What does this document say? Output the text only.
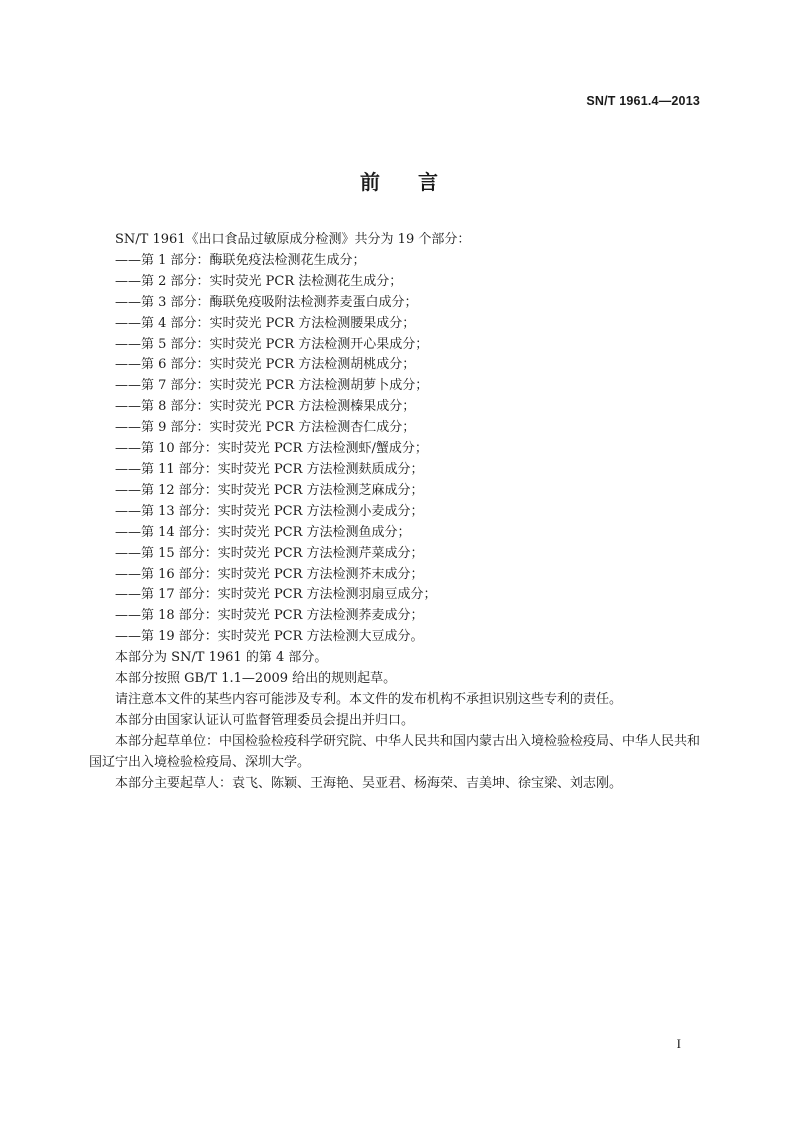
SN/T 1961.4—2013
前言

SN/T 1961《出口食品过敏原成分检测》共分为 19 个部分：

——第 1 部分：酶联免疫法检测花生成分；

——第 2 部分：实时荧光 PCR 法检测花生成分；

——第 3 部分：酶联免疫吸附法检测荞麦蛋白成分；

——第 4 部分：实时荧光 PCR 方法检测腰果成分；

——第 5 部分：实时荧光 PCR 方法检测开心果成分；

——第 6 部分：实时荧光 PCR 方法检测胡桃成分；

——第 7 部分：实时荧光 PCR 方法检测胡萝卜成分；

——第 8 部分：实时荧光 PCR 方法检测榛果成分；

——第 9 部分：实时荧光 PCR 方法检测杏仁成分；

——第 10 部分：实时荧光 PCR 方法检测虾/蟹成分；

——第 11 部分：实时荧光 PCR 方法检测麸质成分；

——第 12 部分：实时荧光 PCR 方法检测芝麻成分；

——第 13 部分：实时荧光 PCR 方法检测小麦成分；

——第 14 部分：实时荧光 PCR 方法检测鱼成分；

——第 15 部分：实时荧光 PCR 方法检测芹菜成分；

——第 16 部分：实时荧光 PCR 方法检测芥末成分；

——第 17 部分：实时荧光 PCR 方法检测羽扇豆成分；

——第 18 部分：实时荧光 PCR 方法检测荞麦成分；

——第 19 部分：实时荧光 PCR 方法检测大豆成分。

本部分为 SN/T 1961 的第 4 部分。

本部分按照 GB/T 1.1—2009 给出的规则起草。

请注意本文件的某些内容可能涉及专利。本文件的发布机构不承担识别这些专利的责任。

本部分由国家认证认可监督管理委员会提出并归口。

本部分起草单位：中国检验检疫科学研究院、中华人民共和国内蒙古出入境检验检疫局、中华人民共和国辽宁出入境检验检疫局、深圳大学。

本部分主要起草人：袁飞、陈颖、王海艳、吴亚君、杨海荣、吉美坤、徐宝梁、刘志刚。

I
